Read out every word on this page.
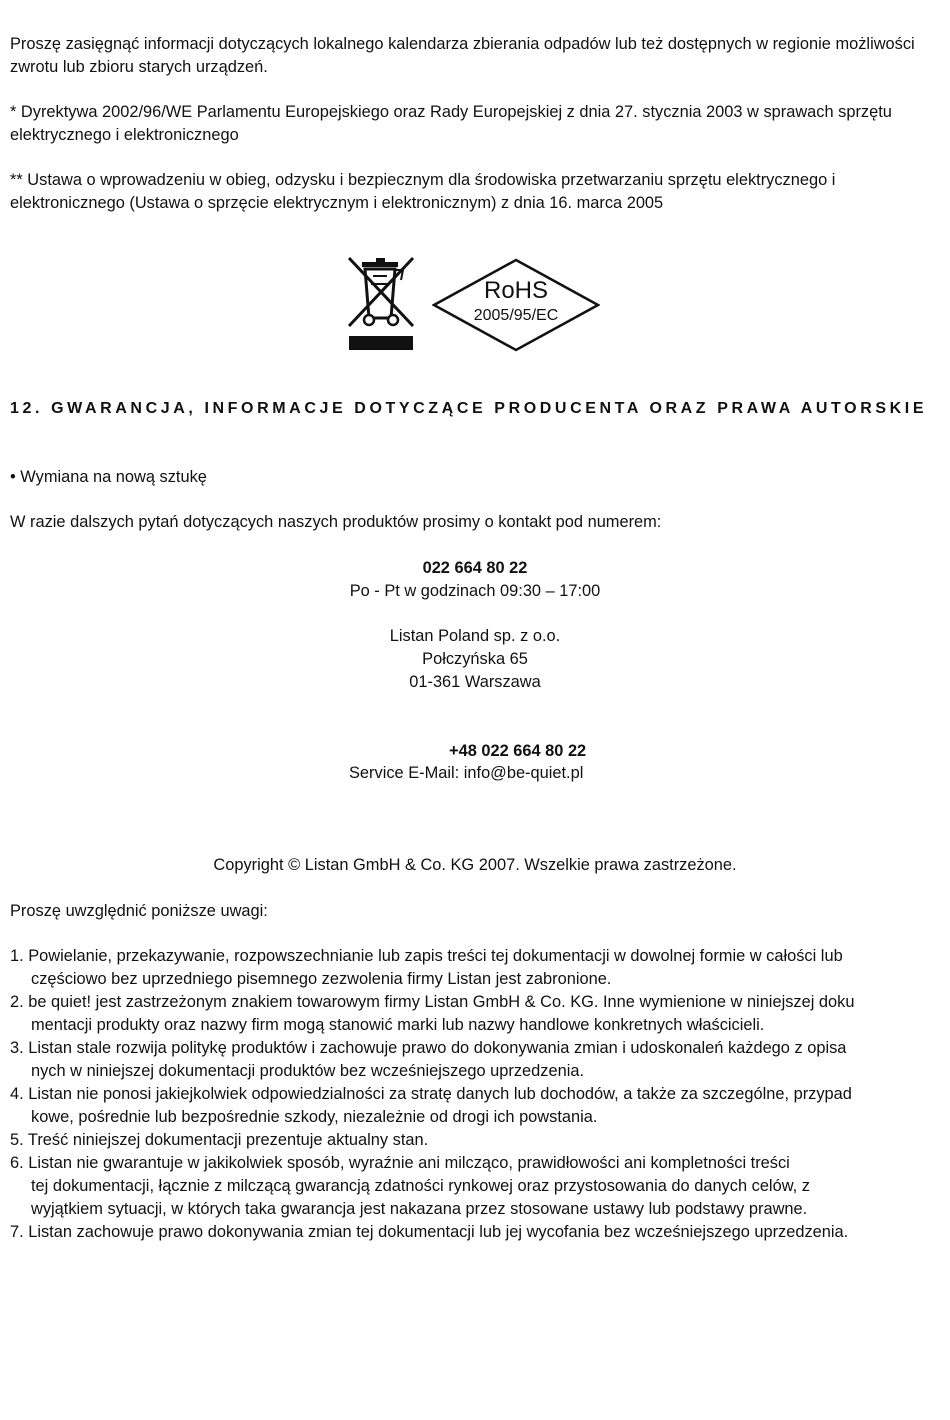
Proszę zasięgnąć informacji dotyczących lokalnego kalendarza zbierania odpadów lub też dostępnych w regionie możliwości zwrotu lub zbioru starych urządzeń.

* Dyrektywa 2002/96/WE Parlamentu Europejskiego oraz Rady Europejskiej z dnia 27. stycznia 2003 w sprawach sprzętu elektrycznego i elektronicznego

** Ustawa o wprowadzeniu w obieg, odzysku i bezpiecznym dla środowiska przetwarzaniu sprzętu elektrycznego i elektronicznego (Ustawa o sprzęcie elektrycznym i elektronicznym) z dnia 16. marca 2005

RoHS
2005/95/EC
12. GWARANCJA, INFORMACJE DOTYCZĄCE PRODUCENTA ORAZ PRAWA AUTORSKIE

• Wymiana na nową sztukę

W razie dalszych pytań dotyczących naszych produktów prosimy o kontakt pod numerem:

022 664 80 22
Po - Pt w godzinach 09:30 – 17:00
Listan Poland sp. z o.o.
Połczyńska 65
01-361 Warszawa
+48 022 664 80 22
Service E-Mail: info@be-quiet.pl
Copyright © Listan GmbH & Co. KG 2007. Wszelkie prawa zastrzeżone.

Proszę uwzględnić poniższe uwagi:

1. Powielanie, przekazywanie, rozpowszechnianie lub zapis treści tej dokumentacji w dowolnej formie w całości lub
częściowo bez uprzedniego pisemnego zezwolenia firmy Listan jest zabronione.
2. be quiet! jest zastrzeżonym znakiem towarowym firmy Listan GmbH & Co. KG. Inne wymienione w niniejszej doku
mentacji produkty oraz nazwy firm mogą stanowić marki lub nazwy handlowe konkretnych właścicieli.
3. Listan stale rozwija politykę produktów i zachowuje prawo do dokonywania zmian i udoskonaleń każdego z opisa
nych w niniejszej dokumentacji produktów bez wcześniejszego uprzedzenia.
4. Listan nie ponosi jakiejkolwiek odpowiedzialności za stratę danych lub dochodów, a także za szczególne, przypad
kowe, pośrednie lub bezpośrednie szkody, niezależnie od drogi ich powstania.
5. Treść niniejszej dokumentacji prezentuje aktualny stan.
6. Listan nie gwarantuje w jakikolwiek sposób, wyraźnie ani milcząco, prawidłowości ani kompletności treści
tej dokumentacji, łącznie z milczącą gwarancją zdatności rynkowej oraz przystosowania do danych celów, z
wyjątkiem sytuacji, w których taka gwarancja jest nakazana przez stosowane ustawy lub podstawy prawne.
7. Listan zachowuje prawo dokonywania zmian tej dokumentacji lub jej wycofania bez wcześniejszego uprzedzenia.
